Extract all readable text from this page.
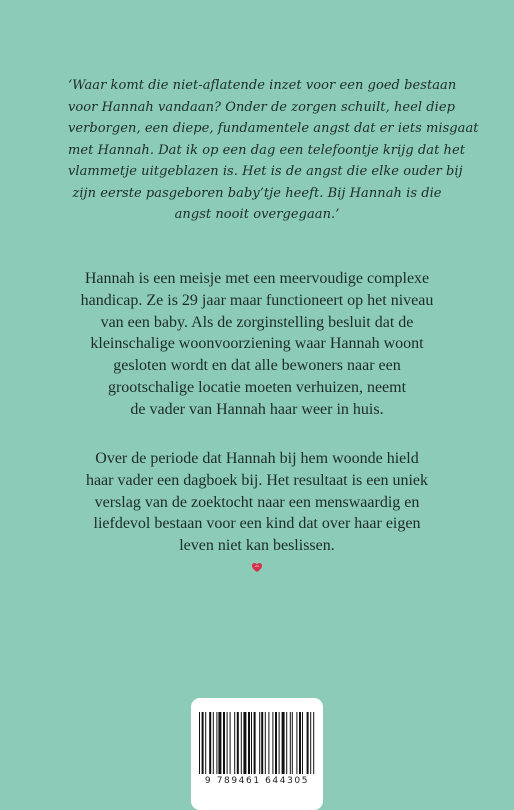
‘Waar komt die niet-aflatende inzet voor een goed bestaan
voor Hannah vandaan? Onder de zorgen schuilt, heel diep
verborgen, een diepe, fundamentele angst dat er iets misgaat
met Hannah. Dat ik op een dag een telefoontje krijg dat het
vlammetje uitgeblazen is. Het is de angst die elke ouder bij
zijn eerste pasgeboren baby’tje heeft. Bij Hannah is die
angst nooit overgegaan.’
Hannah is een meisje met een meervoudige complexe
handicap. Ze is 29 jaar maar functioneert op het niveau
van een baby. Als de zorginstelling besluit dat de
kleinschalige woonvoorziening waar Hannah woont
gesloten wordt en dat alle bewoners naar een
grootschalige locatie moeten verhuizen, neemt
de vader van Hannah haar weer in huis.
Over de periode dat Hannah bij hem woonde hield
haar vader een dagboek bij. Het resultaat is een uniek
verslag van de zoektocht naar een menswaardig en
liefdevol bestaan voor een kind dat over haar eigen
leven niet kan beslissen.
9 789461 644305
